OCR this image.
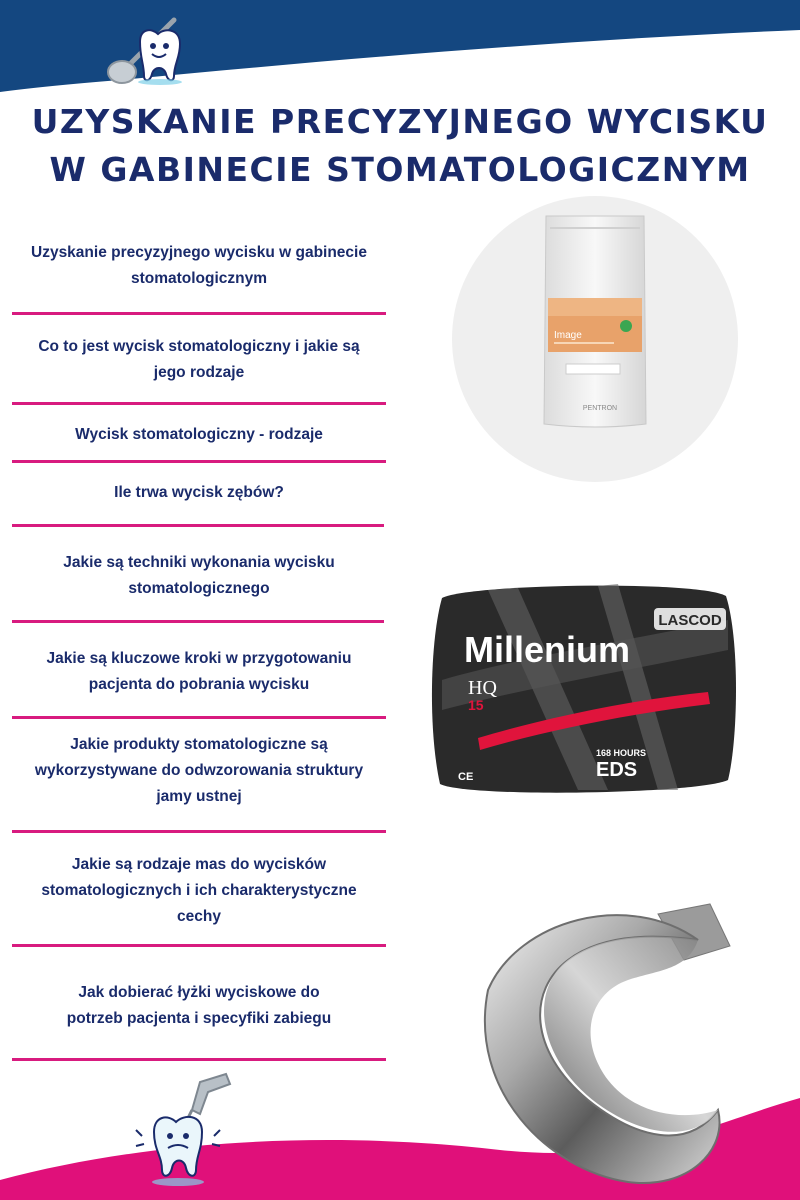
UZYSKANIE PRECYZYJNEGO WYCISKU
W GABINECIE STOMATOLOGICZNYM
Uzyskanie precyzyjnego wycisku w gabinecie
stomatologicznym
Co to jest wycisk stomatologiczny i jakie są
jego rodzaje
Wycisk stomatologiczny - rodzaje
Ile trwa wycisk zębów?
Jakie są techniki wykonania wycisku
stomatologicznego
Jakie są kluczowe kroki w przygotowaniu
pacjenta do pobrania wycisku
Jakie produkty stomatologiczne są
wykorzystywane do odwzorowania struktury
jamy ustnej
Jakie są rodzaje mas do wycisków
stomatologicznych i ich charakterystyczne
cechy
Jak dobierać łyżki wyciskowe do
potrzeb pacjenta i specyfiki zabiegu
Image
PENTRON
Millenium
LASCOD
HQ
15
168 HOURS
EDS
CE
